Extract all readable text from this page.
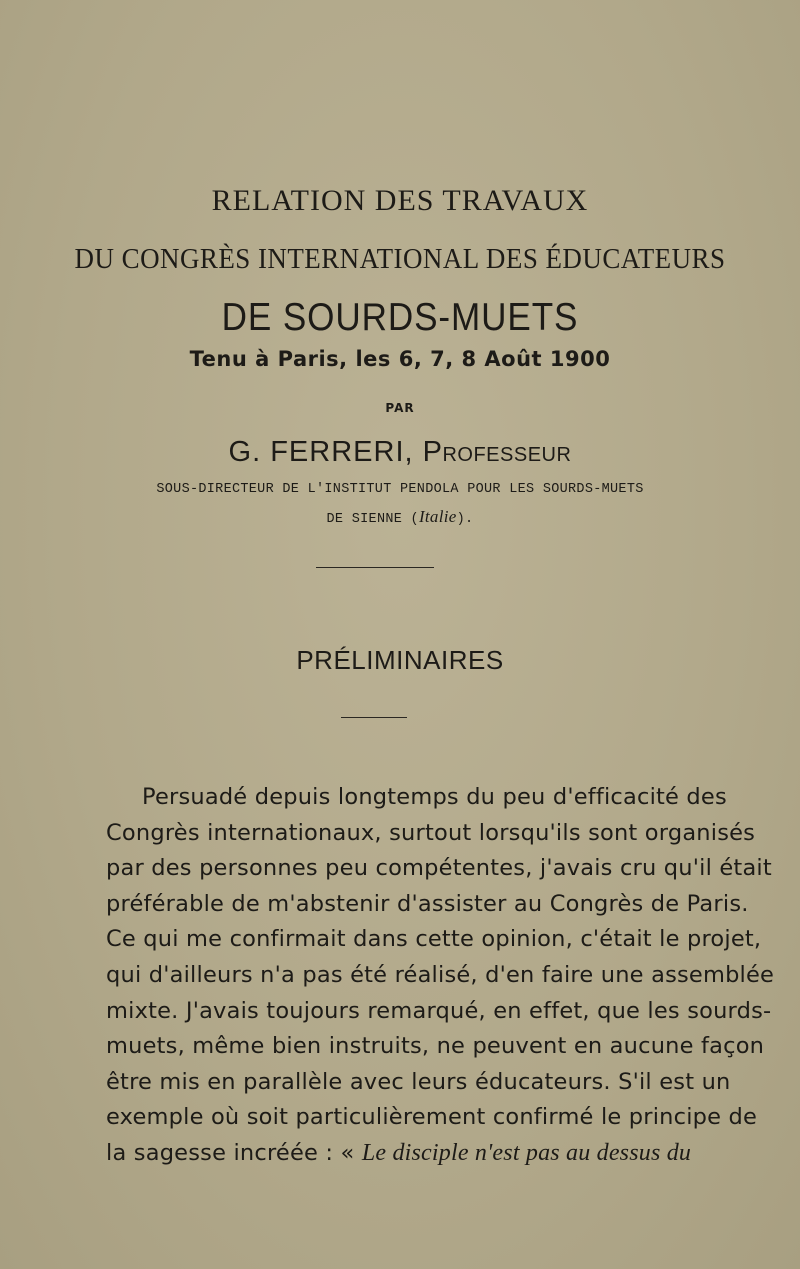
RELATION DES TRAVAUX
DU CONGRÈS INTERNATIONAL DES ÉDUCATEURS
DE SOURDS-MUETS
Tenu à Paris, les 6, 7, 8 Août 1900
PAR
G. FERRERI, PROFESSEUR
SOUS-DIRECTEUR DE L'INSTITUT PENDOLA POUR LES SOURDS-MUETS
DE SIENNE (Italie).
PRÉLIMINAIRES
Persuadé depuis longtemps du peu d'efficacité des
Congrès internationaux, surtout lorsqu'ils sont organisés
par des personnes peu compétentes, j'avais cru qu'il était
préférable de m'abstenir d'assister au Congrès de Paris.
Ce qui me confirmait dans cette opinion, c'était le projet,
qui d'ailleurs n'a pas été réalisé, d'en faire une assemblée
mixte. J'avais toujours remarqué, en effet, que les sourds-
muets, même bien instruits, ne peuvent en aucune façon
être mis en parallèle avec leurs éducateurs. S'il est un
exemple où soit particulièrement confirmé le principe de
la sagesse incréée : « Le disciple n'est pas au dessus du
